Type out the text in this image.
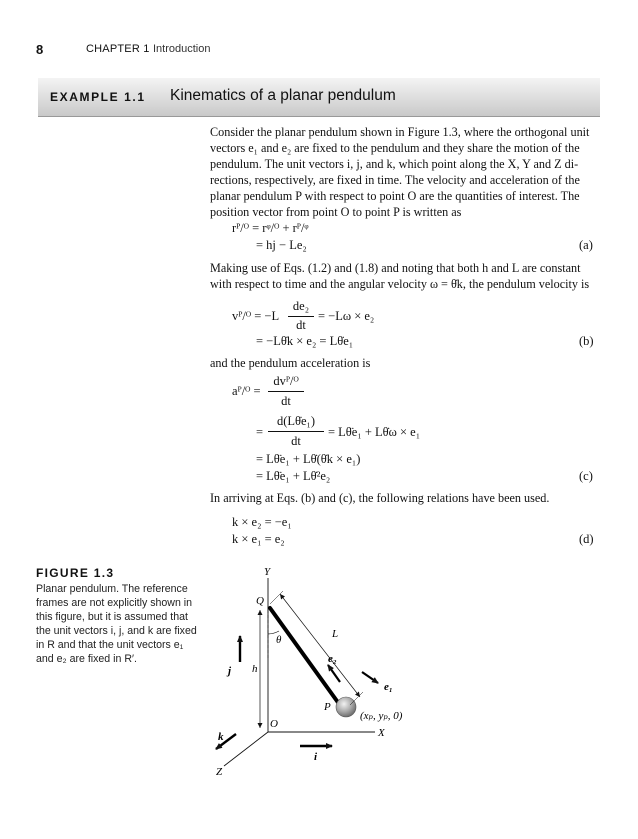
8	CHAPTER 1 Introduction
EXAMPLE 1.1 Kinematics of a planar pendulum
Consider the planar pendulum shown in Figure 1.3, where the orthogonal unit
vectors e₁ and e₂ are fixed to the pendulum and they share the motion of the
pendulum. The unit vectors i, j, and k, which point along the X, Y and Z di-
rections, respectively, are fixed in time. The velocity and acceleration of the
planar pendulum P with respect to point O are the quantities of interest. The
position vector from point O to point P is written as
rᴾ/ᴼ = rᵠ/ᴼ + rᴾ/ᵠ
= hj − Le₂	(a)
Making use of Eqs. (1.2) and (1.8) and noting that both h and L are constant
with respect to time and the angular velocity ω = θ̇k, the pendulum velocity is
vᴾ/ᴼ = −L
de₂
dt
= −Lω × e₂
= −Lθ̇k × e₂ = Lθ̇e₁	(b)
and the pendulum acceleration is
aᴾ/ᴼ =
dvᴾ/ᴼ
dt
=
d(Lθ̇e₁)
dt
= Lθ̈e₁ + Lθ̇ω × e₁
= Lθ̈e₁ + Lθ̇(θ̇k × e₁)
= Lθ̈e₁ + Lθ̇²e₂	(c)
In arriving at Eqs. (b) and (c), the following relations have been used.
k × e₂ = −e₁
k × e₁ = e₂	(d)
FIGURE 1.3
Planar pendulum. The reference
frames are not explicitly shown in
this figure, but it is assumed that
the unit vectors i, j, and k are fixed
in R and that the unit vectors e₁
and e₂ are fixed in R′.
Y
Q
θ	L
e₂
e₁
j h
P
(xₚ, yₚ, 0)
O
X
k
i
Z
